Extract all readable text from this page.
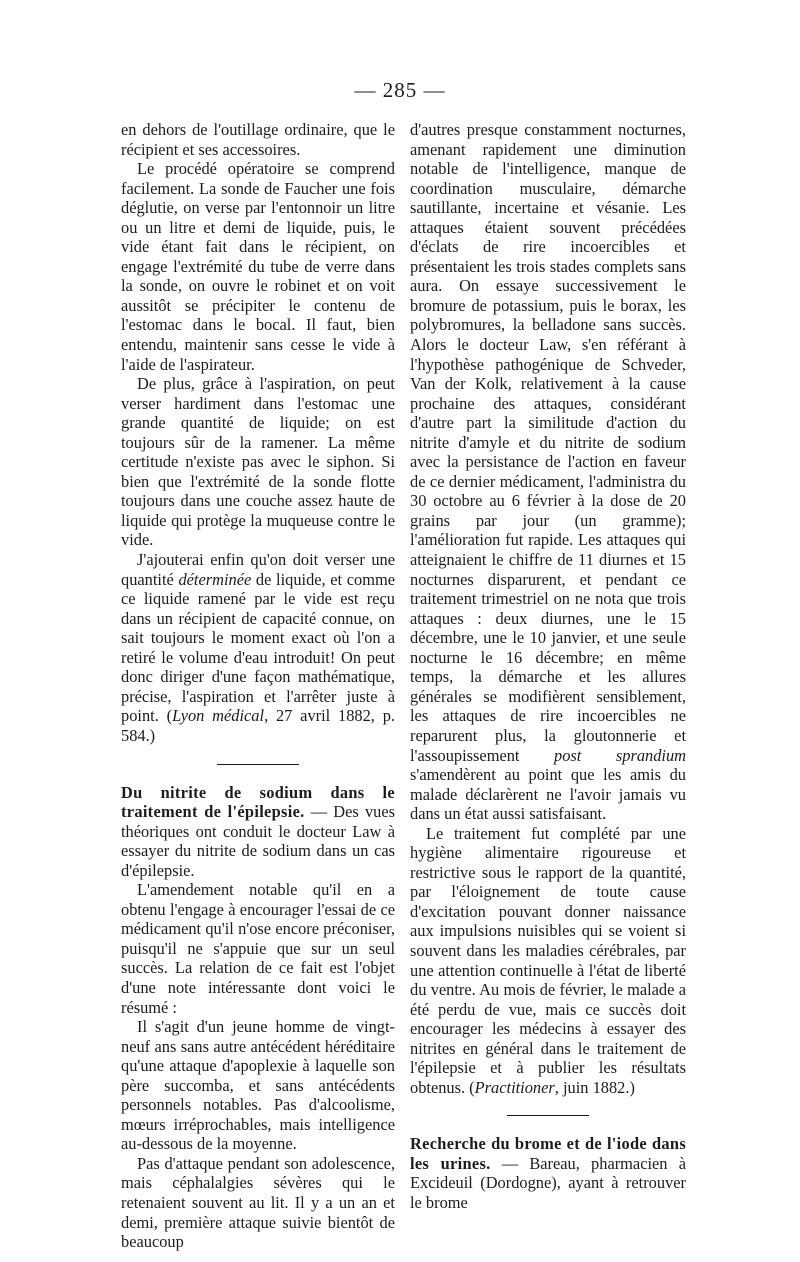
— 285 —

en dehors de l'outillage ordinaire, que le récipient et ses accessoires.

Le procédé opératoire se comprend facilement. La sonde de Faucher une fois déglutie, on verse par l'entonnoir un litre ou un litre et demi de liquide, puis, le vide étant fait dans le récipient, on engage l'extrémité du tube de verre dans la sonde, on ouvre le robinet et on voit aussitôt se précipiter le contenu de l'estomac dans le bocal. Il faut, bien entendu, maintenir sans cesse le vide à l'aide de l'aspirateur.

De plus, grâce à l'aspiration, on peut verser hardiment dans l'estomac une grande quantité de liquide; on est toujours sûr de la ramener. La même certitude n'existe pas avec le siphon. Si bien que l'extrémité de la sonde flotte toujours dans une couche assez haute de liquide qui protège la muqueuse contre le vide.

J'ajouterai enfin qu'on doit verser une quantité déterminée de liquide, et comme ce liquide ramené par le vide est reçu dans un récipient de capacité connue, on sait toujours le moment exact où l'on a retiré le volume d'eau introduit! On peut donc diriger d'une façon mathématique, précise, l'aspiration et l'arrêter juste à point. (Lyon médical, 27 avril 1882, p. 584.)

Du nitrite de sodium dans le traitement de l'épilepsie. — Des vues théoriques ont conduit le docteur Law à essayer du nitrite de sodium dans un cas d'épilepsie.

L'amendement notable qu'il en a obtenu l'engage à encourager l'essai de ce médicament qu'il n'ose encore préconiser, puisqu'il ne s'appuie que sur un seul succès. La relation de ce fait est l'objet d'une note intéressante dont voici le résumé :

Il s'agit d'un jeune homme de vingt-neuf ans sans autre antécédent héréditaire qu'une attaque d'apoplexie à laquelle son père succomba, et sans antécédents personnels notables. Pas d'alcoolisme, mœurs irréprochables, mais intelligence au-dessous de la moyenne.

Pas d'attaque pendant son adolescence, mais céphalalgies sévères qui le retenaient souvent au lit. Il y a un an et demi, première attaque suivie bientôt de beaucoup

d'autres presque constamment nocturnes, amenant rapidement une diminution notable de l'intelligence, manque de coordination musculaire, démarche sautillante, incertaine et vésanie. Les attaques étaient souvent précédées d'éclats de rire incoercibles et présentaient les trois stades complets sans aura. On essaye successivement le bromure de potassium, puis le borax, les polybromures, la belladone sans succès. Alors le docteur Law, s'en référant à l'hypothèse pathogénique de Schveder, Van der Kolk, relativement à la cause prochaine des attaques, considérant d'autre part la similitude d'action du nitrite d'amyle et du nitrite de sodium avec la persistance de l'action en faveur de ce dernier médicament, l'administra du 30 octobre au 6 février à la dose de 20 grains par jour (un gramme); l'amélioration fut rapide. Les attaques qui atteignaient le chiffre de 11 diurnes et 15 nocturnes disparurent, et pendant ce traitement trimestriel on ne nota que trois attaques : deux diurnes, une le 15 décembre, une le 10 janvier, et une seule nocturne le 16 décembre; en même temps, la démarche et les allures générales se modifièrent sensiblement, les attaques de rire incoercibles ne reparurent plus, la gloutonnerie et l'assoupissement post sprandium s'amendèrent au point que les amis du malade déclarèrent ne l'avoir jamais vu dans un état aussi satisfaisant.

Le traitement fut complété par une hygiène alimentaire rigoureuse et restrictive sous le rapport de la quantité, par l'éloignement de toute cause d'excitation pouvant donner naissance aux impulsions nuisibles qui se voient si souvent dans les maladies cérébrales, par une attention continuelle à l'état de liberté du ventre. Au mois de février, le malade a été perdu de vue, mais ce succès doit encourager les médecins à essayer des nitrites en général dans le traitement de l'épilepsie et à publier les résultats obtenus. (Practitioner, juin 1882.)

Recherche du brome et de l'iode dans les urines. — Bareau, pharmacien à Excideuil (Dordogne), ayant à retrouver le brome
